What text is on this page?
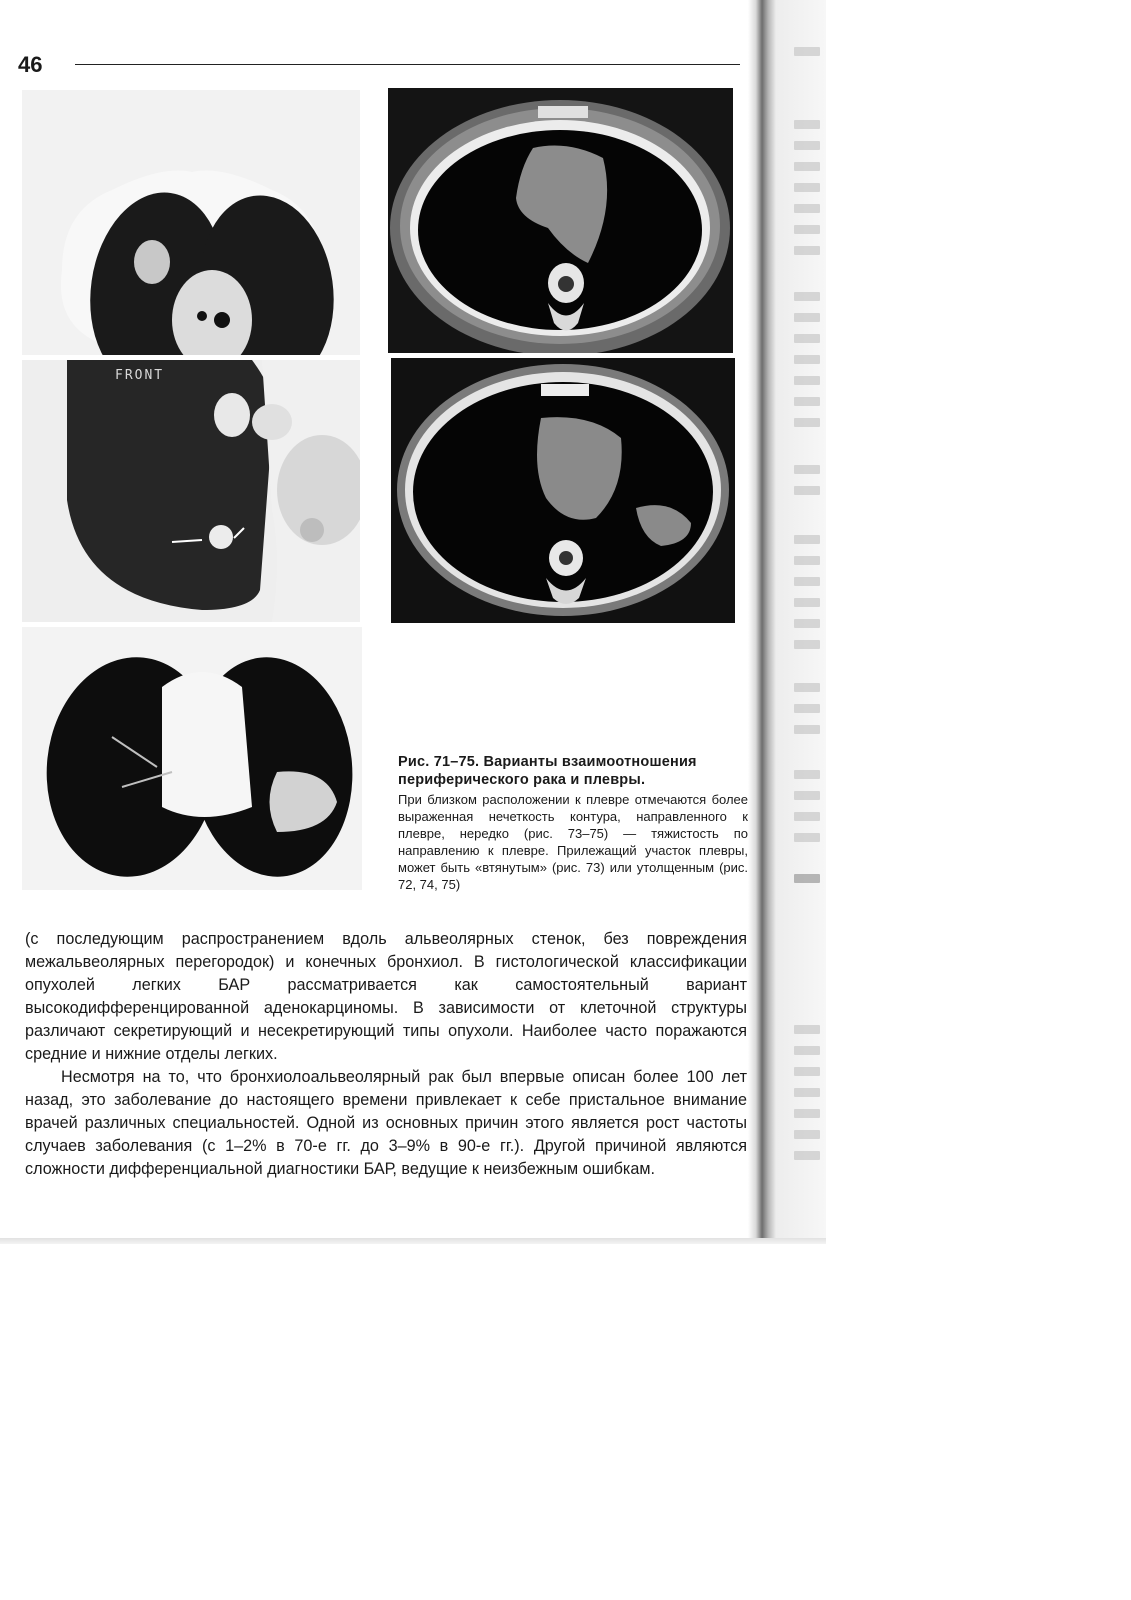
46
FRONT
Рис. 71–75. Варианты взаимоотношения периферического рака и плевры.
При близком расположении к плевре отмечаются более выраженная нечеткость контура, направленного к плевре, нередко (рис. 73–75) — тяжистость по направлению к плевре. Прилежащий участок плевры, может быть «втянутым» (рис. 73) или утолщенным (рис. 72, 74, 75)

(с последующим распространением вдоль альвеолярных стенок, без повреждения межальвеолярных перегородок) и конечных бронхиол. В гистологической классификации опухолей легких БАР рассматривается как самостоятельный вариант высокодифференцированной аденокарциномы. В зависимости от клеточной структуры различают секретирующий и несекретирующий типы опухоли. Наиболее часто поражаются средние и нижние отделы легких.

Несмотря на то, что бронхиолоальвеолярный рак был впервые описан более 100 лет назад, это заболевание до настоящего времени привлекает к себе пристальное внимание врачей различных специальностей. Одной из основных причин этого является рост частоты случаев заболевания (с 1–2% в 70-е гг. до 3–9% в 90-е гг.). Другой причиной являются сложности дифференциальной диагностики БАР, ведущие к неизбежным ошибкам.
